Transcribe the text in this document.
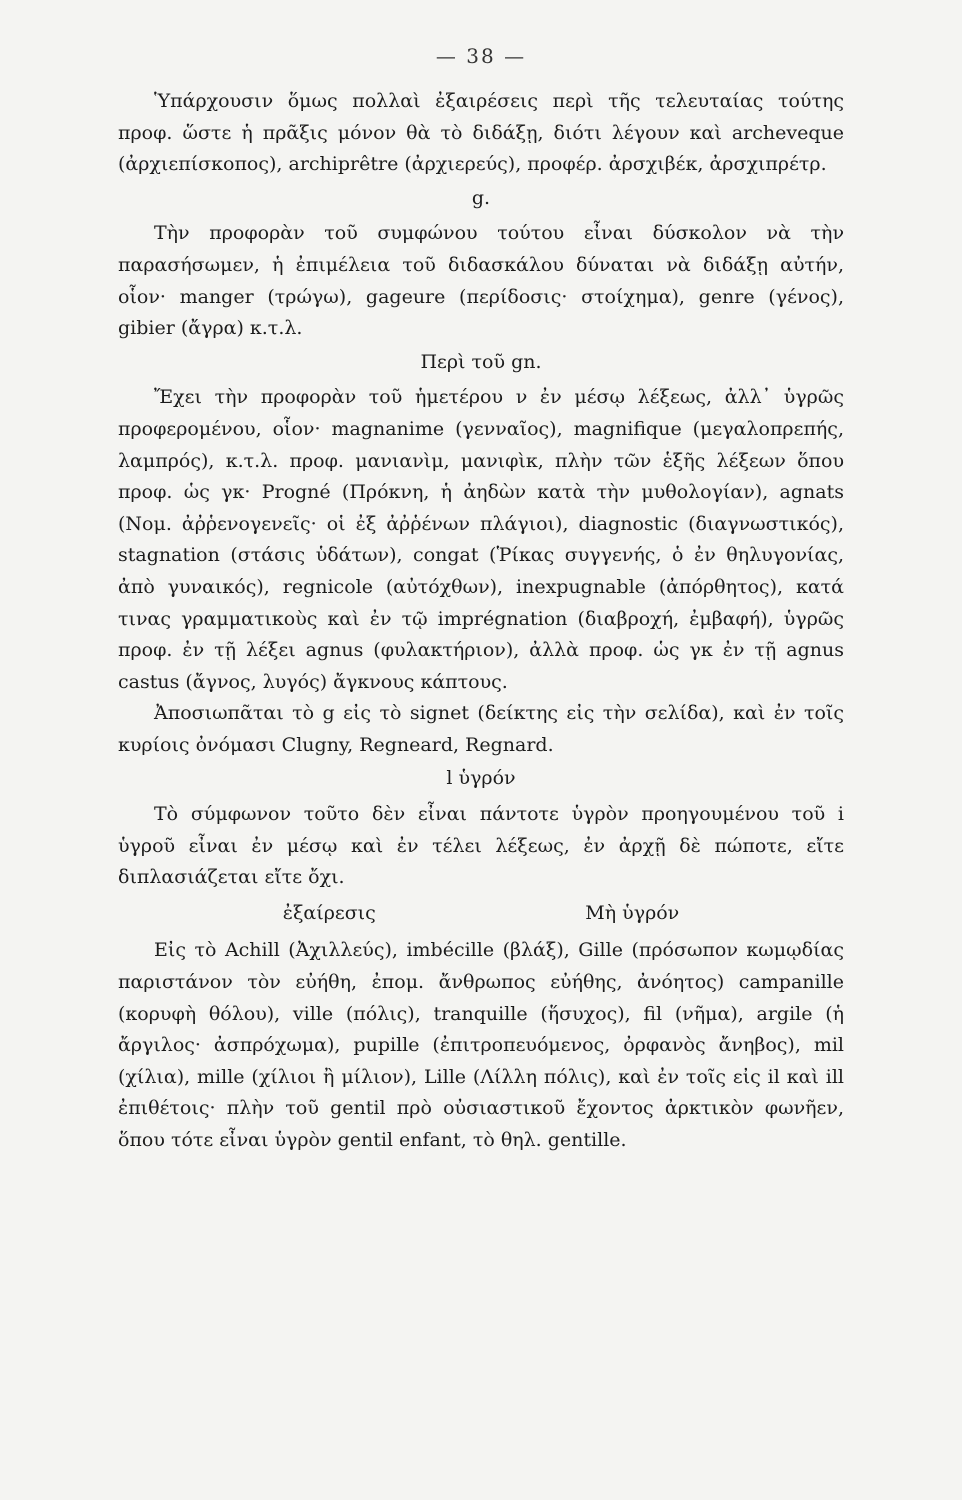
— 38 —

Ὑπάρχουσιν ὅμως πολλαὶ ἐξαιρέσεις περὶ τῆς τελευταίας τούτης προφ. ὥστε ἡ πρᾶξις μόνον θὰ τὸ διδάξῃ, διότι λέγουν καὶ archeveque (ἀρχιεπίσκοπος), archiprêtre (ἀρχιερεύς), προφέρ. ἀρσχιβέκ, ἀρσχιπρέτρ.

g.

Τὴν προφορὰν τοῦ συμφώνου τούτου εἶναι δύσκολον νὰ τὴν παρασήσωμεν, ἡ ἐπιμέλεια τοῦ διδασκάλου δύναται νὰ διδάξῃ αὐτήν, οἷον· manger (τρώγω), gageure (περίδοσις· στοίχημα), genre (γένος), gibier (ἄγρα) κ.τ.λ.

Περὶ τοῦ gn.

Ἔχει τὴν προφορὰν τοῦ ἡμετέρου ν ἐν μέσῳ λέξεως, ἀλλ᾽ ὑγρῶς προφερομένου, οἷον· magnanime (γενναῖος), magnifique (μεγαλοπρεπής, λαμπρός), κ.τ.λ. προφ. μανιανὶμ, μανιφὶκ, πλὴν τῶν ἑξῆς λέξεων ὅπου προφ. ὡς γκ· Progné (Πρόκνη, ἡ ἀηδὼν κατὰ τὴν μυθολογίαν), agnats (Νομ. ἀῤῥενογενεῖς· οἱ ἐξ ἀῤῥένων πλάγιοι), diagnostic (διαγνωστικός), stagnation (στάσις ὑδάτων), congat (Ῥίκας συγγενής, ὁ ἐν θηλυγονίας, ἀπὸ γυναικός), regnicole (αὐτόχθων), inexpugnable (ἀπόρθητος), κατά τινας γραμματικοὺς καὶ ἐν τῷ imprégnation (διαβροχή, ἐμβαφή), ὑγρῶς προφ. ἐν τῇ λέξει agnus (φυλακτήριον), ἀλλὰ προφ. ὡς γκ ἐν τῇ agnus castus (ἄγνος, λυγός) ἄγκνους κάπτους.

Ἀποσιωπᾶται τὸ g εἰς τὸ signet (δείκτης εἰς τὴν σελίδα), καὶ ἐν τοῖς κυρίοις ὀνόμασι Clugny, Regneard, Regnard.

l ὑγρόν

Τὸ σύμφωνον τοῦτο δὲν εἶναι πάντοτε ὑγρὸν προηγουμένου τοῦ i ὑγροῦ εἶναι ἐν μέσῳ καὶ ἐν τέλει λέξεως, ἐν ἀρχῇ δὲ πώποτε, εἴτε διπλασιάζεται εἴτε ὄχι.

ἐξαίρεσις	Μὴ ὑγρόν

Εἰς τὸ Achill (Ἀχιλλεύς), imbécille (βλάξ), Gille (πρόσωπον κωμῳδίας παριστάνον τὸν εὐήθη, ἐπομ. ἄνθρωπος εὐήθης, ἀνόητος) campanille (κορυφὴ θόλου), ville (πόλις), tranquille (ἥσυχος), fil (νῆμα), argile (ἡ ἄργιλος· ἀσπρόχωμα), pupille (ἐπιτροπευόμενος, ὀρφανὸς ἄνηβος), mil (χίλια), mille (χίλιοι ἢ μίλιον), Lille (Λίλλη πόλις), καὶ ἐν τοῖς εἰς il καὶ ill ἐπιθέτοις· πλὴν τοῦ gentil πρὸ οὐσιαστικοῦ ἔχοντος ἀρκτικὸν φωνῆεν, ὅπου τότε εἶναι ὑγρὸν gentil enfant, τὸ θηλ. gentille.
